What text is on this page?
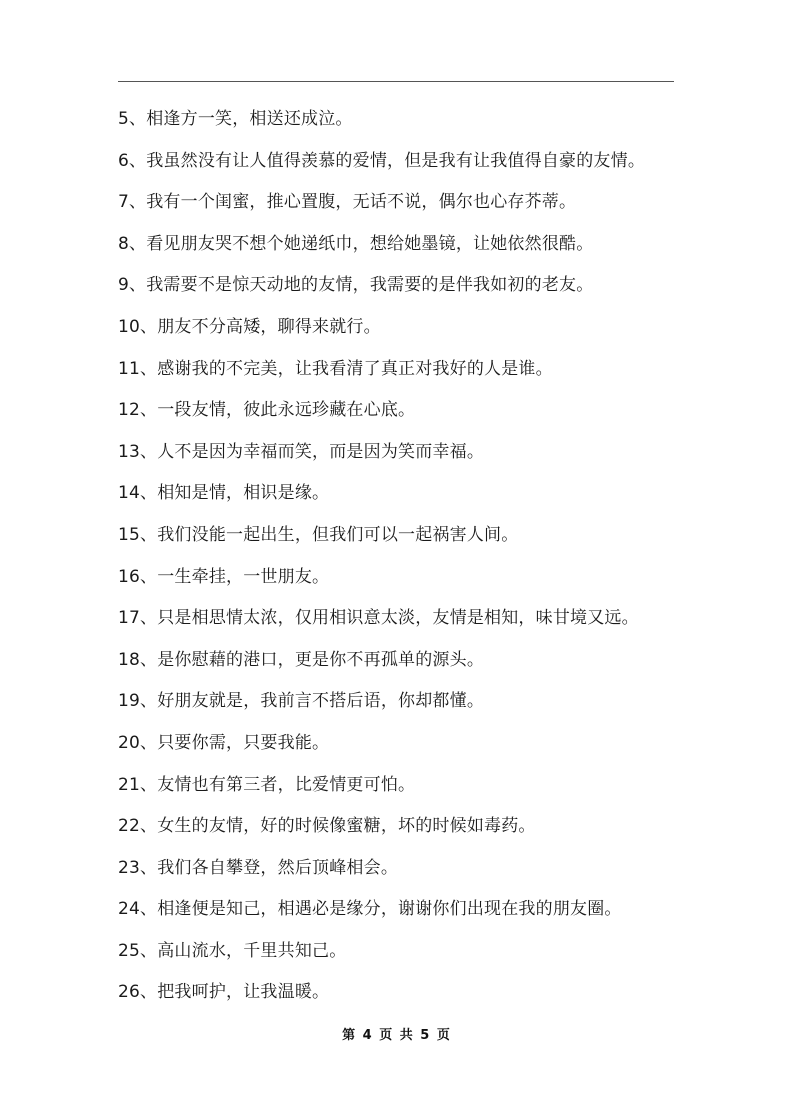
5、相逢方一笑，相送还成泣。
6、我虽然没有让人值得羡慕的爱情，但是我有让我值得自豪的友情。
7、我有一个闺蜜，推心置腹，无话不说，偶尔也心存芥蒂。
8、看见朋友哭不想个她递纸巾，想给她墨镜，让她依然很酷。
9、我需要不是惊天动地的友情，我需要的是伴我如初的老友。
10、朋友不分高矮，聊得来就行。
11、感谢我的不完美，让我看清了真正对我好的人是谁。
12、一段友情，彼此永远珍藏在心底。
13、人不是因为幸福而笑，而是因为笑而幸福。
14、相知是情，相识是缘。
15、我们没能一起出生，但我们可以一起祸害人间。
16、一生牵挂，一世朋友。
17、只是相思情太浓，仅用相识意太淡，友情是相知，味甘境又远。
18、是你慰藉的港口，更是你不再孤单的源头。
19、好朋友就是，我前言不搭后语，你却都懂。
20、只要你需，只要我能。
21、友情也有第三者，比爱情更可怕。
22、女生的友情，好的时候像蜜糖，坏的时候如毒药。
23、我们各自攀登，然后顶峰相会。
24、相逢便是知己，相遇必是缘分，谢谢你们出现在我的朋友圈。
25、高山流水，千里共知己。
26、把我呵护，让我温暖。
第 4 页 共 5 页
